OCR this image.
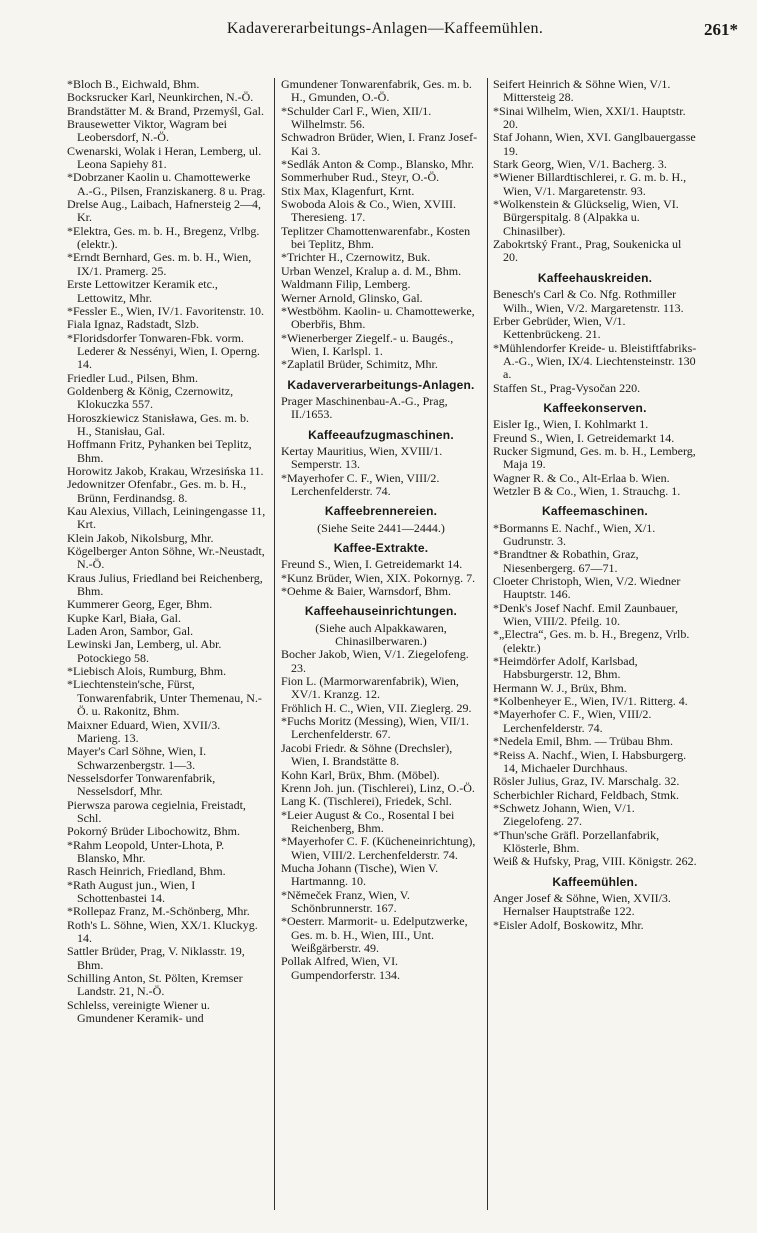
Kadavererarbeitungs-Anlagen—Kaffeemühlen.	261*
*Bloch B., Eichwald, Bhm.
Bocksrucker Karl, Neunkirchen, N.-Ö.
Brandstätter M. & Brand, Przemyśl, Gal.
Brausewetter Viktor, Wagram bei Leobersdorf, N.-Ö.
Cwenarski, Wolak i Heran, Lemberg, ul. Leona Sapiehy 81.
*Dobrzaner Kaolin u. Chamottewerke A.-G., Pilsen, Franziskanerg. 8 u. Prag.
Drelse Aug., Laibach, Hafnersteig 2—4, Kr.
*Elektra, Ges. m. b. H., Bregenz, Vrlbg. (elektr.).
*Erndt Bernhard, Ges. m. b. H., Wien, IX/1. Pramerg. 25.
Erste Lettowitzer Keramik etc., Lettowitz, Mhr.
*Fessler E., Wien, IV/1. Favoritenstr. 10.
Fiala Ignaz, Radstadt, Slzb.
*Floridsdorfer Tonwaren-Fbk. vorm. Lederer & Nessényi, Wien, I. Operng. 14.
Friedler Lud., Pilsen, Bhm.
Goldenberg & König, Czernowitz, Klokuczka 557.
Horoszkiewicz Stanisława, Ges. m. b. H., Stanisłau, Gal.
Hoffmann Fritz, Pyhanken bei Teplitz, Bhm.
Horowitz Jakob, Krakau, Wrzesińska 11.
Jedownitzer Ofenfabr., Ges. m. b. H., Brünn, Ferdinandsg. 8.
Kau Alexius, Villach, Leiningengasse 11, Krt.
Klein Jakob, Nikolsburg, Mhr.
Kögelberger Anton Söhne, Wr.-Neustadt, N.-Ö.
Kraus Julius, Friedland bei Reichenberg, Bhm.
Kummerer Georg, Eger, Bhm.
Kupke Karl, Biała, Gal.
Laden Aron, Sambor, Gal.
Lewinski Jan, Lemberg, ul. Abr. Potockiego 58.
*Liebisch Alois, Rumburg, Bhm.
*Liechtenstein'sche, Fürst, Tonwarenfabrik, Unter Themenau, N.-Ö. u. Rakonitz, Bhm.
Maixner Eduard, Wien, XVII/3. Marieng. 13.
Mayer's Carl Söhne, Wien, I. Schwarzenbergstr. 1—3.
Nesselsdorfer Tonwarenfabrik, Nesselsdorf, Mhr.
Pierwsza parowa cegielnia, Freistadt, Schl.
Pokorný Brüder Libochowitz, Bhm.
*Rahm Leopold, Unter-Lhota, P. Blansko, Mhr.
Rasch Heinrich, Friedland, Bhm.
*Rath August jun., Wien, I Schottenbastei 14.
*Rollepaz Franz, M.-Schönberg, Mhr.
Roth's L. Söhne, Wien, XX/1. Kluckyg. 14.
Sattler Brüder, Prag, V. Niklasstr. 19, Bhm.
Schilling Anton, St. Pölten, Kremser Landstr. 21, N.-Ö.
Schlelss, vereinigte Wiener u. Gmundener Keramik- und
Gmundener Tonwarenfabrik, Ges. m. b. H., Gmunden, O.-Ö.
*Schulder Carl F., Wien, XII/1. Wilhelmstr. 56.
Schwadron Brüder, Wien, I. Franz Josef-Kai 3.
*Sedlák Anton & Comp., Blansko, Mhr.
Sommerhuber Rud., Steyr, O.-Ö.
Stix Max, Klagenfurt, Krnt.
Swoboda Alois & Co., Wien, XVIII. Theresieng. 17.
Teplitzer Chamottenwarenfabr., Kosten bei Teplitz, Bhm.
*Trichter H., Czernowitz, Buk.
Urban Wenzel, Kralup a. d. M., Bhm.
Waldmann Filip, Lemberg.
Werner Arnold, Glinsko, Gal.
*Westböhm. Kaolin- u. Chamottewerke, Oberbřis, Bhm.
*Wienerberger Ziegelf.- u. Baugés., Wien, I. Karlspl. 1.
*Zaplatil Brüder, Schimitz, Mhr.
Kadaververarbeitungs-Anlagen.
Prager Maschinenbau-A.-G., Prag, II./1653.
Kaffeeaufzugmaschinen.
Kertay Mauritius, Wien, XVIII/1. Semperstr. 13.
*Mayerhofer C. F., Wien, VIII/2. Lerchenfelderstr. 74.
Kaffeebrennereien.
(Siehe Seite 2441—2444.)
Kaffee-Extrakte.
Freund S., Wien, I. Getreidemarkt 14.
*Kunz Brüder, Wien, XIX. Pokornyg. 7.
*Oehme & Baier, Warnsdorf, Bhm.
Kaffeehauseinrichtungen.
(Siehe auch Alpakkawaren, Chinasilberwaren.)
Bocher Jakob, Wien, V/1. Ziegelofeng. 23.
Fion L. (Marmorwarenfabrik), Wien, XV/1. Kranzg. 12.
Fröhlich H. C., Wien, VII. Zieglerg. 29.
*Fuchs Moritz (Messing), Wien, VII/1. Lerchenfelderstr. 67.
Jacobi Friedr. & Söhne (Drechsler), Wien, I. Brandstätte 8.
Kohn Karl, Brüx, Bhm. (Möbel).
Krenn Joh. jun. (Tischlerei), Linz, O.-Ö.
Lang K. (Tischlerei), Friedek, Schl.
*Leier August & Co., Rosental I bei Reichenberg, Bhm.
*Mayerhofer C. F. (Kücheneinrichtung), Wien, VIII/2. Lerchenfelderstr. 74.
Mucha Johann (Tische), Wien V. Hartmanng. 10.
*Němeček Franz, Wien, V. Schönbrunnerstr. 167.
*Oesterr. Marmorit- u. Edelputzwerke, Ges. m. b. H., Wien, III., Unt. Weißgärberstr. 49.
Pollak Alfred, Wien, VI. Gumpendorferstr. 134.
Seifert Heinrich & Söhne Wien, V/1. Mittersteig 28.
*Sinai Wilhelm, Wien, XXI/1. Hauptstr. 20.
Staf Johann, Wien, XVI. Ganglbauergasse 19.
Stark Georg, Wien, V/1. Bacherg. 3.
*Wiener Billardtischlerei, r. G. m. b. H., Wien, V/1. Margaretenstr. 93.
*Wolkenstein & Glückselig, Wien, VI. Bürgerspitalg. 8 (Alpakka u. Chinasilber).
Zabokrtský Frant., Prag, Soukenicka ul 20.
Kaffeehauskreiden.
Benesch's Carl & Co. Nfg. Rothmiller Wilh., Wien, V/2. Margaretenstr. 113.
Erber Gebrüder, Wien, V/1. Kettenbrückeng. 21.
*Mühlendorfer Kreide- u. Bleistiftfabriks-A.-G., Wien, IX/4. Liechtensteinstr. 130 a.
Staffen St., Prag-Vysočan 220.
Kaffeekonserven.
Eisler Ig., Wien, I. Kohlmarkt 1.
Freund S., Wien, I. Getreidemarkt 14.
Rucker Sigmund, Ges. m. b. H., Lemberg, Maja 19.
Wagner R. & Co., Alt-Erlaa b. Wien.
Wetzler B & Co., Wien, 1. Strauchg. 1.
Kaffeemaschinen.
*Bormanns E. Nachf., Wien, X/1. Gudrunstr. 3.
*Brandtner & Robathin, Graz, Niesenbergerg. 67—71.
Cloeter Christoph, Wien, V/2. Wiedner Hauptstr. 146.
*Denk's Josef Nachf. Emil Zaunbauer, Wien, VIII/2. Pfeilg. 10.
*„Electra“, Ges. m. b. H., Bregenz, Vrlb. (elektr.)
*Heimdörfer Adolf, Karlsbad, Habsburgerstr. 12, Bhm.
Hermann W. J., Brüx, Bhm.
*Kolbenheyer E., Wien, IV/1. Ritterg. 4.
*Mayerhofer C. F., Wien, VIII/2. Lerchenfelderstr. 74.
*Nedela Emil, Bhm. — Trübau Bhm.
*Reiss A. Nachf., Wien, I. Habsburgerg. 14, Michaeler Durchhaus.
Rösler Julius, Graz, IV. Marschalg. 32.
Scherbichler Richard, Feldbach, Stmk.
*Schwetz Johann, Wien, V/1. Ziegelofeng. 27.
*Thun'sche Gräfl. Porzellanfabrik, Klösterle, Bhm.
Weiß & Hufsky, Prag, VIII. Königstr. 262.
Kaffeemühlen.
Anger Josef & Söhne, Wien, XVII/3. Hernalser Hauptstraße 122.
*Eisler Adolf, Boskowitz, Mhr.
